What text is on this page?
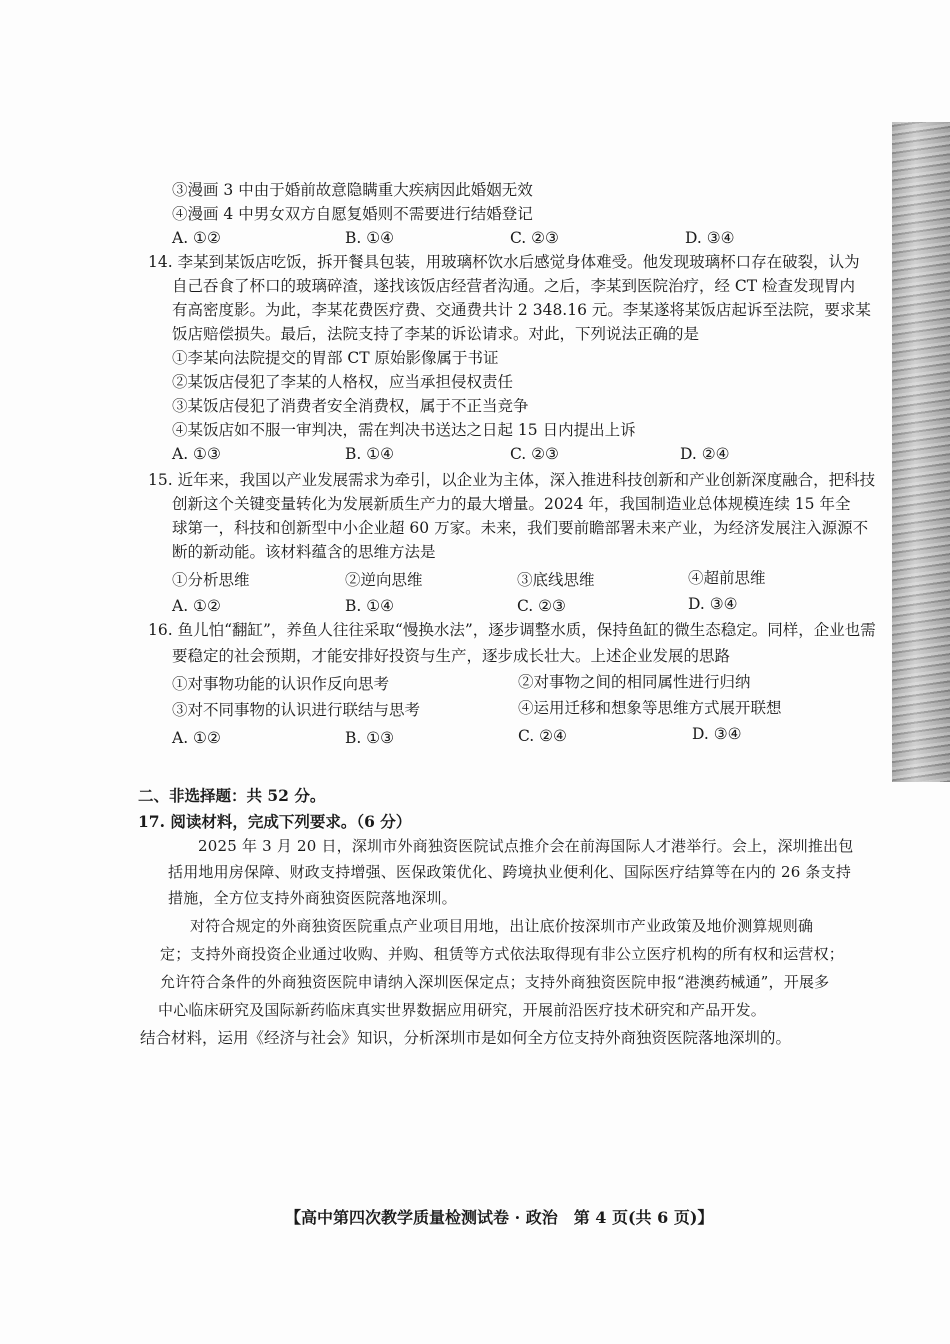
③漫画 3 中由于婚前故意隐瞒重大疾病因此婚姻无效
④漫画 4 中男女双方自愿复婚则不需要进行结婚登记
A. ①②	B. ①④	C. ②③	D. ③④
14. 李某到某饭店吃饭，拆开餐具包装，用玻璃杯饮水后感觉身体难受。他发现玻璃杯口存在破裂，认为
自己吞食了杯口的玻璃碎渣，遂找该饭店经营者沟通。之后，李某到医院治疗，经 CT 检查发现胃内
有高密度影。为此，李某花费医疗费、交通费共计 2 348.16 元。李某遂将某饭店起诉至法院，要求某
饭店赔偿损失。最后，法院支持了李某的诉讼请求。对此，下列说法正确的是
①李某向法院提交的胃部 CT 原始影像属于书证
②某饭店侵犯了李某的人格权，应当承担侵权责任
③某饭店侵犯了消费者安全消费权，属于不正当竞争
④某饭店如不服一审判决，需在判决书送达之日起 15 日内提出上诉
A. ①③	B. ①④	C. ②③	D. ②④
15. 近年来，我国以产业发展需求为牵引，以企业为主体，深入推进科技创新和产业创新深度融合，把科技
创新这个关键变量转化为发展新质生产力的最大增量。2024 年，我国制造业总体规模连续 15 年全
球第一，科技和创新型中小企业超 60 万家。未来，我们要前瞻部署未来产业，为经济发展注入源源不
断的新动能。该材料蕴含的思维方法是
①分析思维	②逆向思维	③底线思维	④超前思维
A. ①②	B. ①④	C. ②③	D. ③④
16. 鱼儿怕“翻缸”，养鱼人往往采取“慢换水法”，逐步调整水质，保持鱼缸的微生态稳定。同样，企业也需
要稳定的社会预期，才能安排好投资与生产，逐步成长壮大。上述企业发展的思路
①对事物功能的认识作反向思考	②对事物之间的相同属性进行归纳
③对不同事物的认识进行联结与思考	④运用迁移和想象等思维方式展开联想
A. ①②	B. ①③	C. ②④	D. ③④
二、非选择题：共 52 分。
17. 阅读材料，完成下列要求。（6 分）
2025 年 3 月 20 日，深圳市外商独资医院试点推介会在前海国际人才港举行。会上，深圳推出包
括用地用房保障、财政支持增强、医保政策优化、跨境执业便利化、国际医疗结算等在内的 26 条支持
措施，全方位支持外商独资医院落地深圳。
对符合规定的外商独资医院重点产业项目用地，出让底价按深圳市产业政策及地价测算规则确
定；支持外商投资企业通过收购、并购、租赁等方式依法取得现有非公立医疗机构的所有权和运营权；
允许符合条件的外商独资医院申请纳入深圳医保定点；支持外商独资医院申报“港澳药械通”，开展多
中心临床研究及国际新药临床真实世界数据应用研究，开展前沿医疗技术研究和产品开发。
结合材料，运用《经济与社会》知识，分析深圳市是如何全方位支持外商独资医院落地深圳的。
【高中第四次教学质量检测试卷 · 政治　第 4 页(共 6 页)】
